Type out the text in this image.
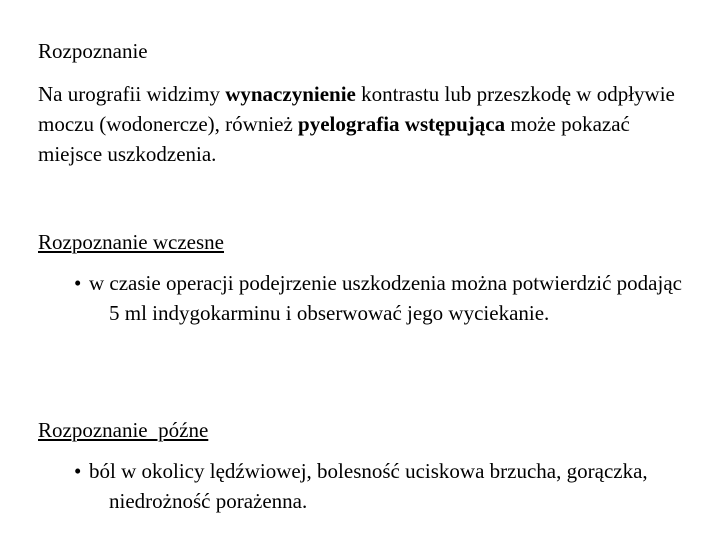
Rozpoznanie
Na urografii widzimy wynaczynienie kontrastu lub przeszkodę w odpływie moczu (wodonercze), również pyelografia wstępująca może pokazać miejsce uszkodzenia.
Rozpoznanie wczesne
• w czasie operacji podejrzenie uszkodzenia można potwierdzić podając 5 ml indygokarminu i obserwować jego wyciekanie.
Rozpoznanie  późne
• ból w okolicy lędźwiowej, bolesność uciskowa brzucha, gorączka, niedrożność porażenna.
